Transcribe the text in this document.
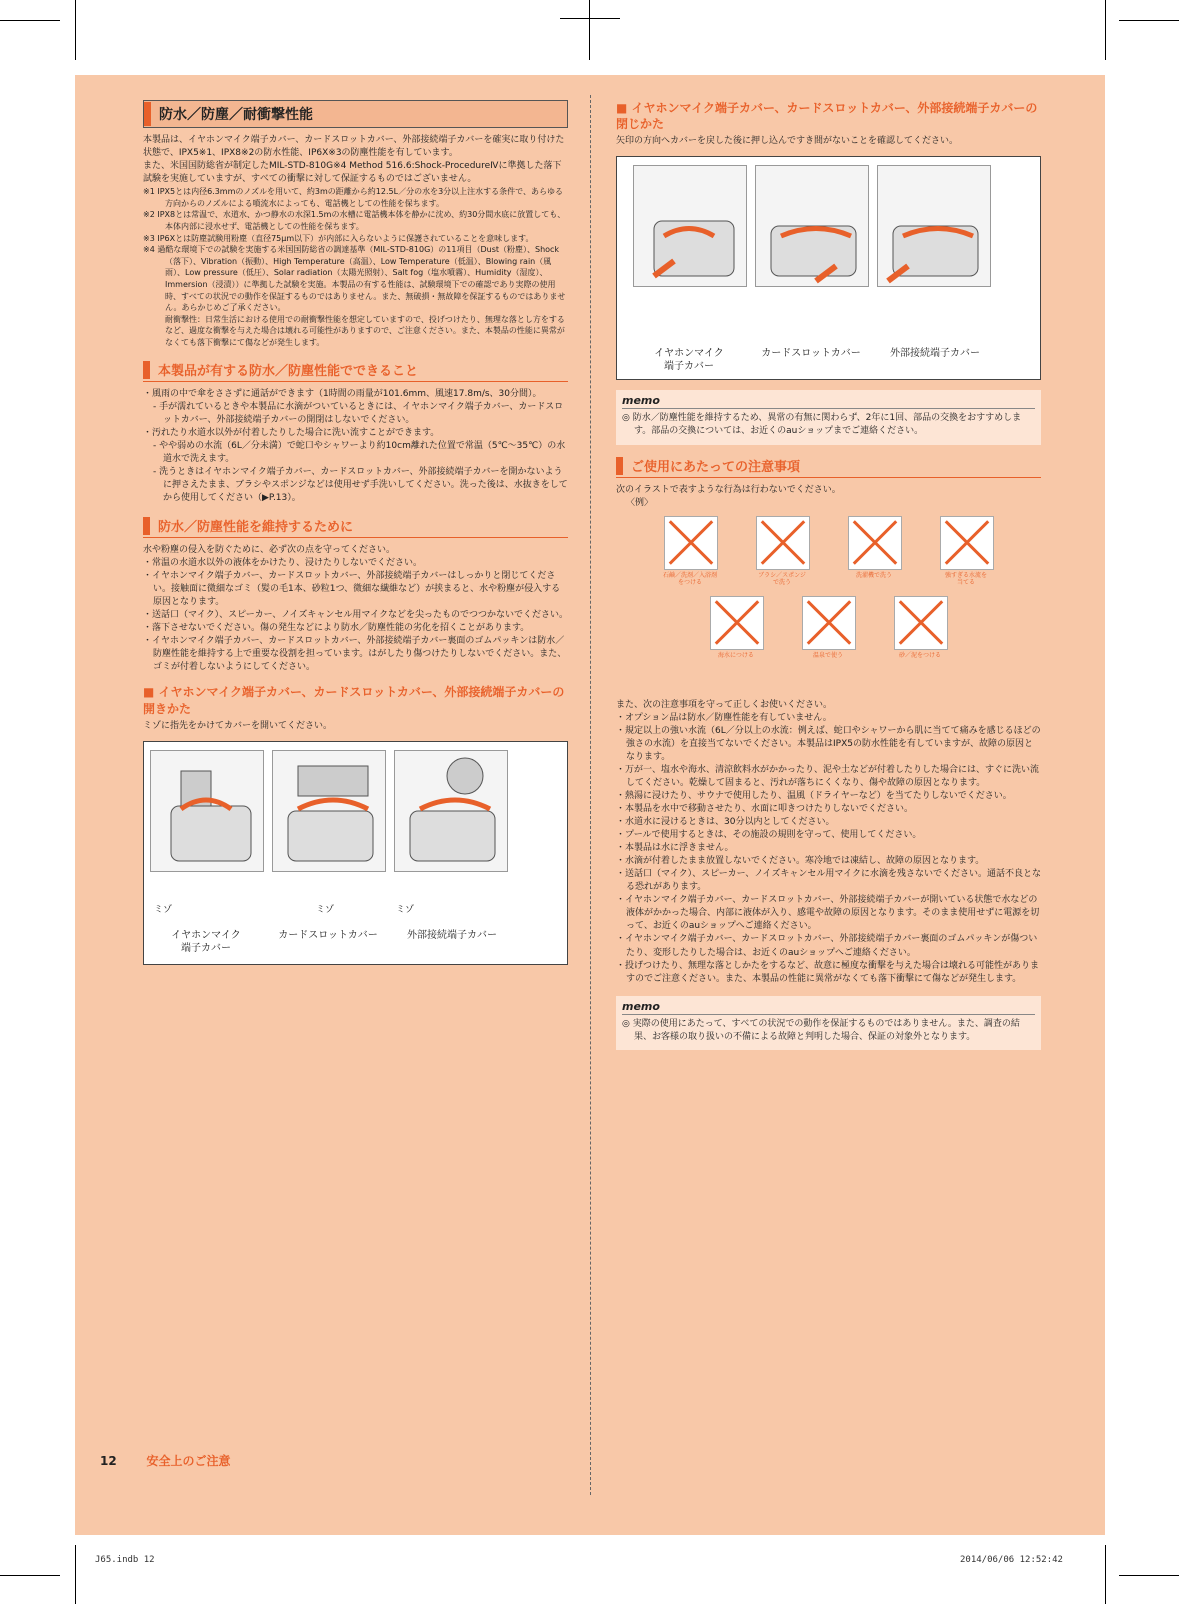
防水／防塵／耐衝撃性能

本製品は、イヤホンマイク端子カバー、カードスロットカバー、外部接続端子カバーを確実に取り付けた状態で、IPX5※1、IPX8※2の防水性能、IP6X※3の防塵性能を有しています。

また、米国国防総省が制定したMIL-STD-810G※4 Method 516.6:Shock-ProcedureⅣに準拠した落下試験を実施していますが、すべての衝撃に対して保証するものではございません。

※1 IPX5とは内径6.3mmのノズルを用いて、約3mの距離から約12.5L／分の水を3分以上注水する条件で、あらゆる方向からのノズルによる噴流水によっても、電話機としての性能を保ちます。
※2 IPX8とは常温で、水道水、かつ静水の水深1.5mの水槽に電話機本体を静かに沈め、約30分間水底に放置しても、本体内部に浸水せず、電話機としての性能を保ちます。
※3 IP6Xとは防塵試験用粉塵（直径75μm以下）が内部に入らないように保護されていることを意味します。
※4 過酷な環境下での試験を実施する米国国防総省の調達基準（MIL-STD-810G）の11項目（Dust（粉塵）、Shock（落下）、Vibration（振動）、High Temperature（高温）、Low Temperature（低温）、Blowing rain（風雨）、Low pressure（低圧）、Solar radiation（太陽光照射）、Salt fog（塩水噴霧）、Humidity（湿度）、Immersion（浸漬））に準拠した試験を実施。本製品の有する性能は、試験環境下での確認であり実際の使用時、すべての状況での動作を保証するものではありません。また、無破損・無故障を保証するものではありません。あらかじめご了承ください。
耐衝撃性：日常生活における使用での耐衝撃性能を想定していますので、投げつけたり、無理な落とし方をするなど、過度な衝撃を与えた場合は壊れる可能性がありますので、ご注意ください。また、本製品の性能に異常がなくても落下衝撃にて傷などが発生します。
本製品が有する防水／防塵性能でできること
・風雨の中で傘をささずに通話ができます（1時間の雨量が101.6mm、風速17.8m/s、30分間）。
- 手が濡れているときや本製品に水滴がついているときには、イヤホンマイク端子カバー、カードスロットカバー、外部接続端子カバーの開閉はしないでください。
・汚れたり水道水以外が付着したりした場合に洗い流すことができます。
- やや弱めの水流（6L／分未満）で蛇口やシャワーより約10cm離れた位置で常温（5℃〜35℃）の水道水で洗えます。
- 洗うときはイヤホンマイク端子カバー、カードスロットカバー、外部接続端子カバーを開かないように押さえたまま、ブラシやスポンジなどは使用せず手洗いしてください。洗った後は、水抜きをしてから使用してください（▶P.13）。
防水／防塵性能を維持するために

水や粉塵の侵入を防ぐために、必ず次の点を守ってください。

・常温の水道水以外の液体をかけたり、浸けたりしないでください。
・イヤホンマイク端子カバー、カードスロットカバー、外部接続端子カバーはしっかりと閉じてください。接触面に微細なゴミ（髪の毛1本、砂粒1つ、微細な繊維など）が挟まると、水や粉塵が侵入する原因となります。
・送話口（マイク）、スピーカー、ノイズキャンセル用マイクなどを尖ったものでつつかないでください。
・落下させないでください。傷の発生などにより防水／防塵性能の劣化を招くことがあります。
・イヤホンマイク端子カバー、カードスロットカバー、外部接続端子カバー裏面のゴムパッキンは防水／防塵性能を維持する上で重要な役割を担っています。はがしたり傷つけたりしないでください。また、ゴミが付着しないようにしてください。
■ イヤホンマイク端子カバー、カードスロットカバー、外部接続端子カバーの開きかた

ミゾに指先をかけてカバーを開いてください。

ミゾ	ミゾ	ミゾ
イヤホンマイク
端子カバー
カードスロットカバー	外部接続端子カバー
■ イヤホンマイク端子カバー、カードスロットカバー、外部接続端子カバーの閉じかた

矢印の方向へカバーを戻した後に押し込んですき間がないことを確認してください。

イヤホンマイク
端子カバー
カードスロットカバー	外部接続端子カバー
memo
◎ 防水／防塵性能を維持するため、異常の有無に関わらず、2年に1回、部品の交換をおすすめします。部品の交換については、お近くのauショップまでご連絡ください。
ご使用にあたっての注意事項

次のイラストで表すような行為は行わないでください。

〈例〉

石鹸／洗剤／入浴剤
をつける
ブラシ／スポンジ
で洗う
洗濯機で洗う	強すぎる水流を
当てる
海水につける	温泉で使う	砂／泥をつける

また、次の注意事項を守って正しくお使いください。

・オプション品は防水／防塵性能を有していません。
・規定以上の強い水流（6L／分以上の水流：例えば、蛇口やシャワーから肌に当てて痛みを感じるほどの強さの水流）を直接当てないでください。本製品はIPX5の防水性能を有していますが、故障の原因となります。
・万が一、塩水や海水、清涼飲料水がかかったり、泥や土などが付着したりした場合には、すぐに洗い流してください。乾燥して固まると、汚れが落ちにくくなり、傷や故障の原因となります。
・熱湯に浸けたり、サウナで使用したり、温風（ドライヤーなど）を当てたりしないでください。
・本製品を水中で移動させたり、水面に叩きつけたりしないでください。
・水道水に浸けるときは、30分以内としてください。
・プールで使用するときは、その施設の規則を守って、使用してください。
・本製品は水に浮きません。
・水滴が付着したまま放置しないでください。寒冷地では凍結し、故障の原因となります。
・送話口（マイク）、スピーカー、ノイズキャンセル用マイクに水滴を残さないでください。通話不良となる恐れがあります。
・イヤホンマイク端子カバー、カードスロットカバー、外部接続端子カバーが開いている状態で水などの液体がかかった場合、内部に液体が入り、感電や故障の原因となります。そのまま使用せずに電源を切って、お近くのauショップへご連絡ください。
・イヤホンマイク端子カバー、カードスロットカバー、外部接続端子カバー裏面のゴムパッキンが傷ついたり、変形したりした場合は、お近くのauショップへご連絡ください。
・投げつけたり、無理な落としかたをするなど、故意に極度な衝撃を与えた場合は壊れる可能性がありますのでご注意ください。また、本製品の性能に異常がなくても落下衝撃にて傷などが発生します。
memo
◎ 実際の使用にあたって、すべての状況での動作を保証するものではありません。また、調査の結果、お客様の取り扱いの不備による故障と判明した場合、保証の対象外となります。
12 安全上のご注意
J65.indb 12	2014/06/06 12:52:42
